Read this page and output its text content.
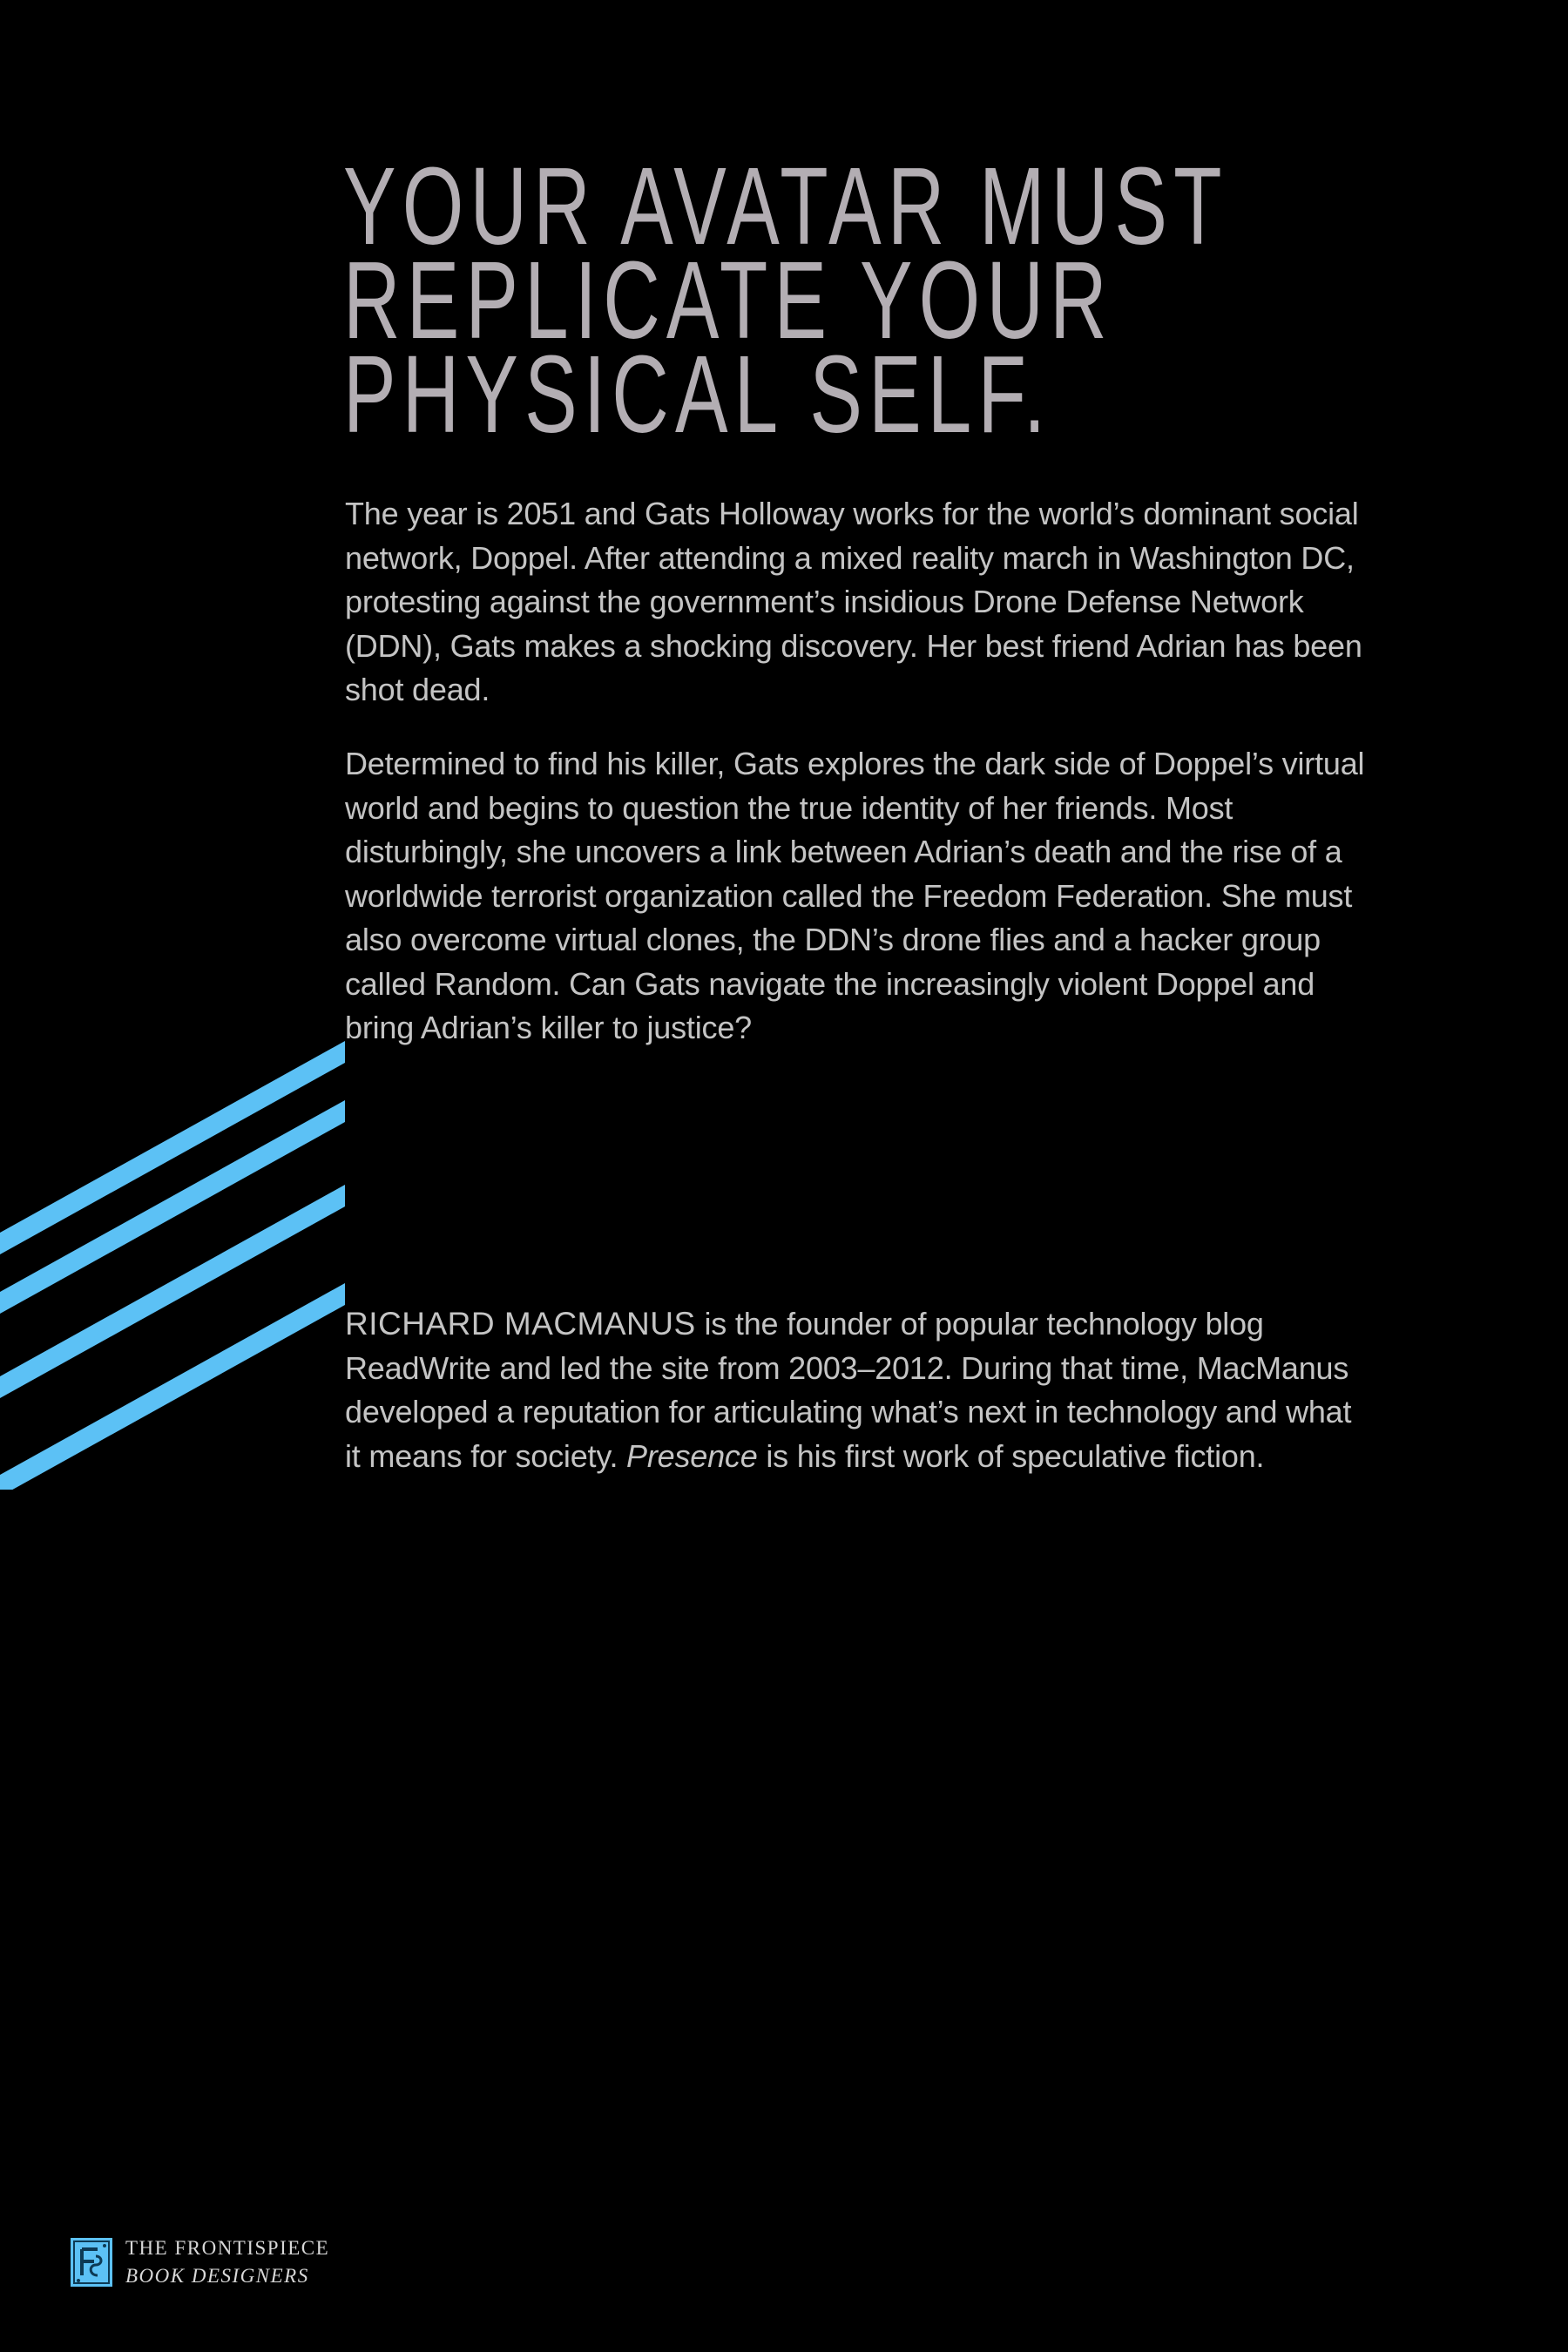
YOUR AVATAR MUST
REPLICATE YOUR
PHYSICAL SELF.

The year is 2051 and Gats Holloway works for the world’s dominant social network, Doppel. After attending a mixed reality march in Washington DC, protesting against the government’s insidious Drone Defense Network (DDN), Gats makes a shocking discovery. Her best friend Adrian has been shot dead.

Determined to find his killer, Gats explores the dark side of Doppel’s virtual world and begins to question the true identity of her friends. Most disturbingly, she uncovers a link between Adrian’s death and the rise of a worldwide terrorist organization called the Freedom Federation. She must also overcome virtual clones, the DDN’s drone flies and a hacker group called Random. Can Gats navigate the increasingly violent Doppel and bring Adrian’s killer to justice?

RICHARD MACMANUS is the founder of popular technology blog ReadWrite and led the site from 2003–2012. During that time, MacManus developed a reputation for articulating what’s next in technology and what it means for society. Presence is his first work of speculative fiction.

THE FRONTISPIECE
BOOK DESIGNERS
